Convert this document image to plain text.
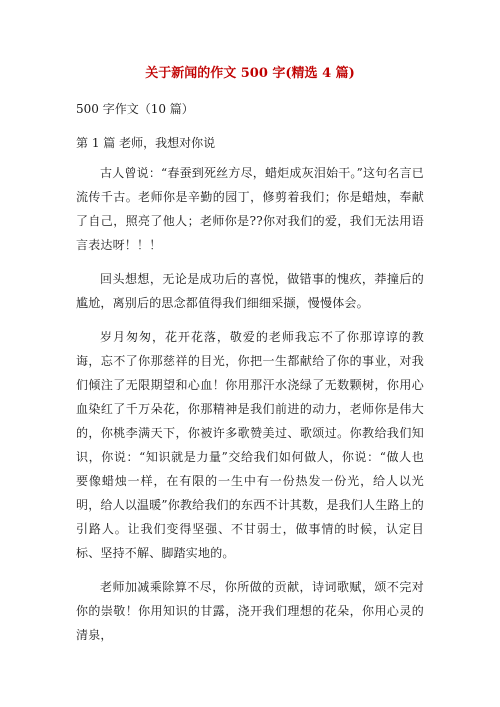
关于新闻的作文 500 字(精选 4 篇)

500 字作文（10 篇）

第 1 篇 老师，我想对你说

古人曾说：“春蚕到死丝方尽，蜡炬成灰泪始干。”这句名言已流传千古。老师你是辛勤的园丁，修剪着我们；你是蜡烛，奉献了自己，照亮了他人；老师你是??你对我们的爱，我们无法用语言表达呀！！！

回头想想，无论是成功后的喜悦，做错事的愧疚，莽撞后的尴尬，离别后的思念都值得我们细细采撷，慢慢体会。

岁月匆匆，花开花落，敬爱的老师我忘不了你那谆谆的教诲，忘不了你那慈祥的目光，你把一生都献给了你的事业，对我们倾注了无限期望和心血！你用那汗水浇绿了无数颗树，你用心血染红了千万朵花，你那精神是我们前进的动力，老师你是伟大的，你桃李满天下，你被许多歌赞美过、歌颂过。你教给我们知识，你说：“知识就是力量”交给我们如何做人，你说：“做人也要像蜡烛一样，在有限的一生中有一份热发一份光，给人以光明，给人以温暖”你教给我们的东西不计其数，是我们人生路上的引路人。让我们变得坚强、不甘弱士，做事情的时候，认定目标、坚持不解、脚踏实地的。

老师加减乘除算不尽，你所做的贡献，诗词歌赋，颂不完对你的崇敬！你用知识的甘露，浇开我们理想的花朵，你用心灵的清泉，
